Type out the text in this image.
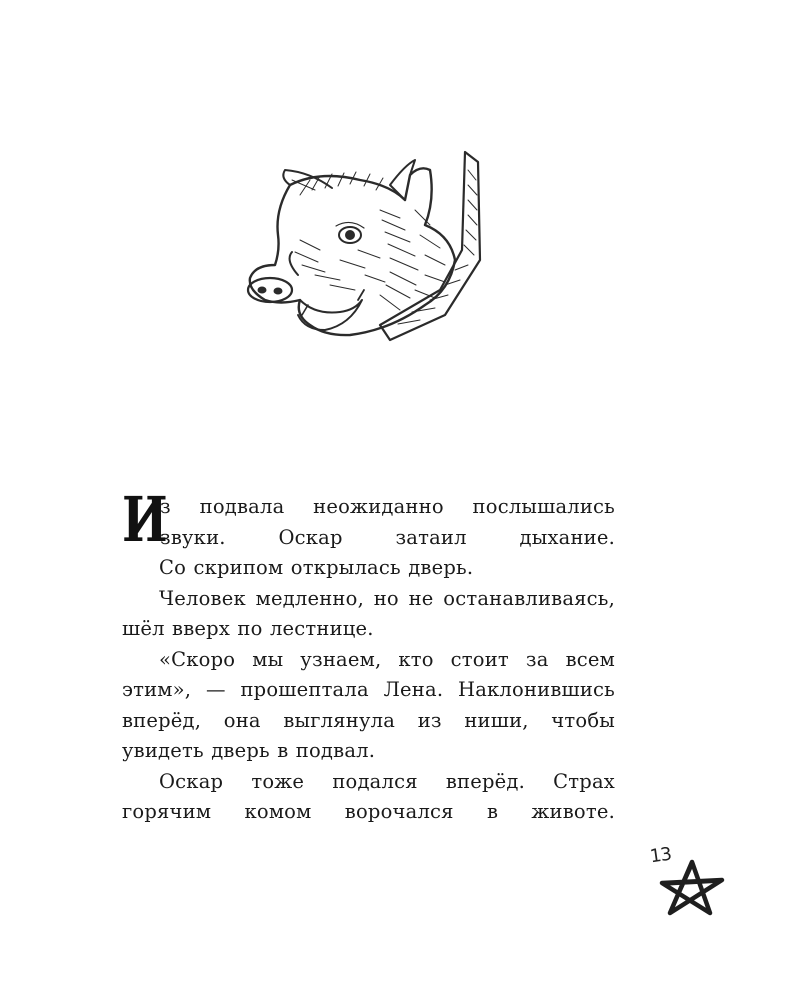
И
з подвала неожиданно послышались звуки. Оскар затаил дыхание.

Со скрипом открылась дверь.

Человек медленно, но не останавливаясь, шёл вверх по лестнице.

«Скоро мы узнаем, кто стоит за всем этим», — прошептала Лена. Наклонившись вперёд, она выглянула из ниши, чтобы увидеть дверь в подвал.

Оскар тоже подался вперёд. Страх горячим комом ворочался в животе.

13
